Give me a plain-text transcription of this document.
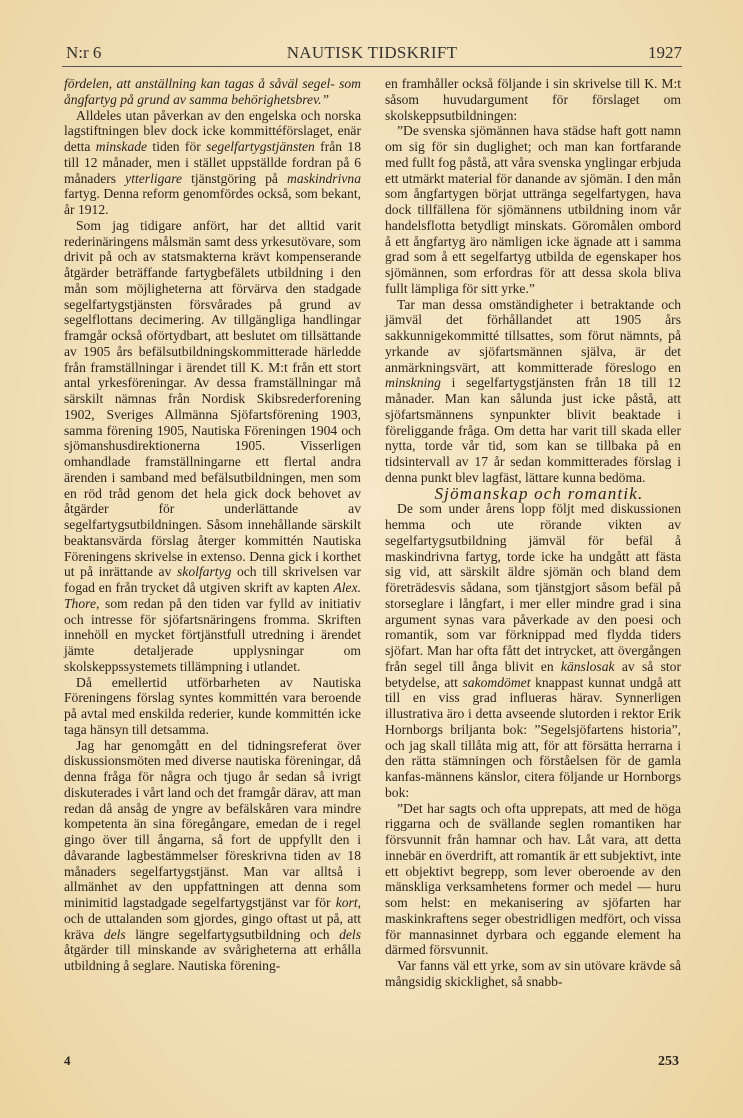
N:r 6	NAUTISK TIDSKRIFT	1927

fördelen, att anställning kan tagas å såväl segel- som ångfartyg på grund av samma behörighetsbrev.”

Alldeles utan påverkan av den engelska och norska lagstiftningen blev dock icke kommittéförslaget, enär detta minskade tiden för segelfartygstjänsten från 18 till 12 månader, men i stället uppställde fordran på 6 månaders ytterligare tjänstgöring på maskindrivna fartyg. Denna reform genomfördes också, som bekant, år 1912.

Som jag tidigare anfört, har det alltid varit rederinäringens målsmän samt dess yrkesutövare, som drivit på och av statsmakterna krävt kompenserande åtgärder beträffande fartygbefälets utbildning i den mån som möjligheterna att förvärva den stadgade segelfartygstjänsten försvårades på grund av segelflottans decimering. Av tillgängliga handlingar framgår också oförtydbart, att beslutet om tillsättande av 1905 års befälsutbildningskommitterade härledde från framställningar i ärendet till K. M:t från ett stort antal yrkesföreningar. Av dessa framställningar må särskilt nämnas från Nordisk Skibsrederforening 1902, Sveriges Allmänna Sjöfartsförening 1903, samma förening 1905, Nautiska Föreningen 1904 och sjömanshusdirektionerna 1905. Visserligen omhandlade framställningarne ett flertal andra ärenden i samband med befälsutbildningen, men som en röd tråd genom det hela gick dock behovet av åtgärder för underlättande av segelfartygsutbildningen. Såsom innehållande särskilt beaktansvärda förslag återger kommittén Nautiska Föreningens skrivelse in extenso. Denna gick i korthet ut på inrättande av skolfartyg och till skrivelsen var fogad en från trycket då utgiven skrift av kapten Alex. Thore, som redan på den tiden var fylld av initiativ och intresse för sjöfartsnäringens fromma. Skriften innehöll en mycket förtjänstfull utredning i ärendet jämte detaljerade upplysningar om skolskeppssystemets tillämpning i utlandet.

Då emellertid utförbarheten av Nautiska Föreningens förslag syntes kommittén vara beroende på avtal med enskilda rederier, kunde kommittén icke taga hänsyn till detsamma.

Jag har genomgått en del tidningsreferat över diskussionsmöten med diverse nautiska föreningar, då denna fråga för några och tjugo år sedan så ivrigt diskuterades i vårt land och det framgår därav, att man redan då ansåg de yngre av befälskåren vara mindre kompetenta än sina föregångare, emedan de i regel gingo över till ångarna, så fort de uppfyllt den i dåvarande lagbestämmelser föreskrivna tiden av 18 månaders segelfartygstjänst. Man var alltså i allmänhet av den uppfattningen att denna som minimitid lagstadgade segelfartygstjänst var för kort, och de uttalanden som gjordes, gingo oftast ut på, att kräva dels längre segelfartygsutbildning och dels åtgärder till minskande av svårigheterna att erhålla utbildning å seglare. Nautiska förening-

en framhåller också följande i sin skrivelse till K. M:t såsom huvudargument för förslaget om skolskeppsutbildningen:

”De svenska sjömännen hava städse haft gott namn om sig för sin duglighet; och man kan fortfarande med fullt fog påstå, att våra svenska ynglingar erbjuda ett utmärkt material för danande av sjömän. I den mån som ångfartygen börjat uttränga segelfartygen, hava dock tillfällena för sjömännens utbildning inom vår handelsflotta betydligt minskats. Göromålen ombord å ett ångfartyg äro nämligen icke ägnade att i samma grad som å ett segelfartyg utbilda de egenskaper hos sjömännen, som erfordras för att dessa skola bliva fullt lämpliga för sitt yrke.”

Tar man dessa omständigheter i betraktande och jämväl det förhållandet att 1905 års sakkunnigekommitté tillsattes, som förut nämnts, på yrkande av sjöfartsmännen själva, är det anmärkningsvärt, att kommitterade föreslogo en minskning i segelfartygstjänsten från 18 till 12 månader. Man kan sålunda just icke påstå, att sjöfartsmännens synpunkter blivit beaktade i föreliggande fråga. Om detta har varit till skada eller nytta, torde vår tid, som kan se tillbaka på en tidsintervall av 17 år sedan kommitterades förslag i denna punkt blev lagfäst, lättare kunna bedöma.

Sjömanskap och romantik.

De som under årens lopp följt med diskussionen hemma och ute rörande vikten av segelfartygsutbildning jämväl för befäl å maskindrivna fartyg, torde icke ha undgått att fästa sig vid, att särskilt äldre sjömän och bland dem företrädesvis sådana, som tjänstgjort såsom befäl på storseglare i långfart, i mer eller mindre grad i sina argument synas vara påverkade av den poesi och romantik, som var förknippad med flydda tiders sjöfart. Man har ofta fått det intrycket, att övergången från segel till ånga blivit en känslosak av så stor betydelse, att sakomdömet knappast kunnat undgå att till en viss grad influeras härav. Synnerligen illustrativa äro i detta avseende slutorden i rektor Erik Hornborgs briljanta bok: ”Segelsjöfartens historia”, och jag skall tillåta mig att, för att försätta herrarna i den rätta stämningen och förståelsen för de gamla kanfas-männens känslor, citera följande ur Hornborgs bok:

”Det har sagts och ofta upprepats, att med de höga riggarna och de svällande seglen romantiken har försvunnit från hamnar och hav. Låt vara, att detta innebär en överdrift, att romantik är ett subjektivt, inte ett objektivt begrepp, som lever oberoende av den mänskliga verksamhetens former och medel — huru som helst: en mekanisering av sjöfarten har maskinkraftens seger obestridligen medfört, och vissa för mannasinnet dyrbara och eggande element ha därmed försvunnit.

Var fanns väl ett yrke, som av sin utövare krävde så mångsidig skicklighet, så snabb-

4	253
